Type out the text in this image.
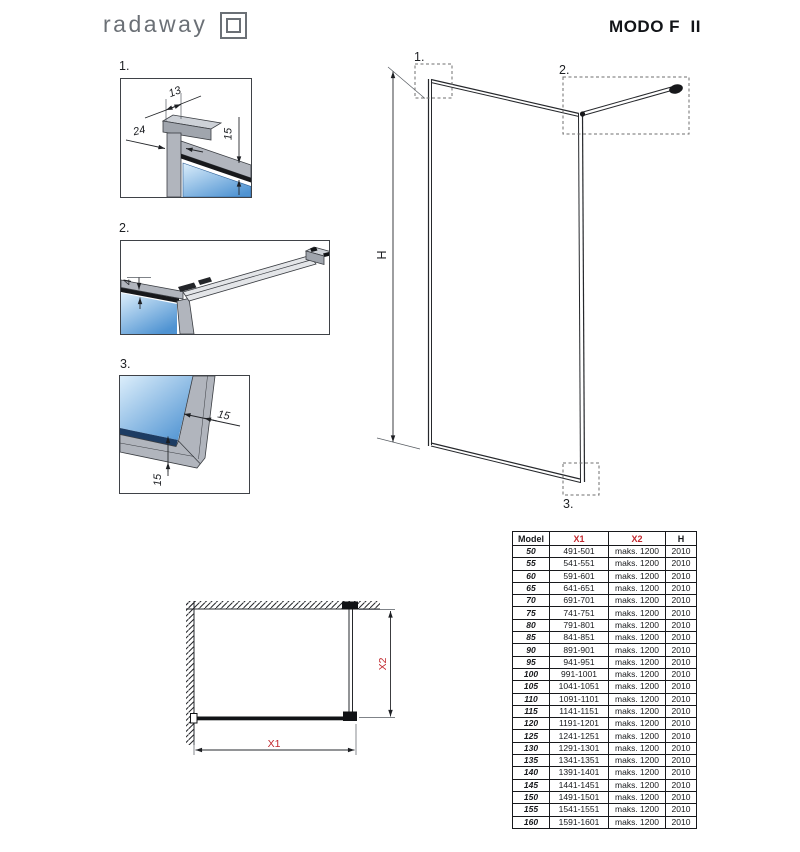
radaway	MODO F  II
1.
13
24	15
2.
4
3.
15
15
H
1.
2.
3.
X2
X1
Model	X1	X2	H
50	491-501	maks. 1200	2010
55	541-551	maks. 1200	2010
60	591-601	maks. 1200	2010
65	641-651	maks. 1200	2010
70	691-701	maks. 1200	2010
75	741-751	maks. 1200	2010
80	791-801	maks. 1200	2010
85	841-851	maks. 1200	2010
90	891-901	maks. 1200	2010
95	941-951	maks. 1200	2010
100	991-1001	maks. 1200	2010
105	1041-1051	maks. 1200	2010
110	1091-1101	maks. 1200	2010
115	1141-1151	maks. 1200	2010
120	1191-1201	maks. 1200	2010
125	1241-1251	maks. 1200	2010
130	1291-1301	maks. 1200	2010
135	1341-1351	maks. 1200	2010
140	1391-1401	maks. 1200	2010
145	1441-1451	maks. 1200	2010
150	1491-1501	maks. 1200	2010
155	1541-1551	maks. 1200	2010
160	1591-1601	maks. 1200	2010
